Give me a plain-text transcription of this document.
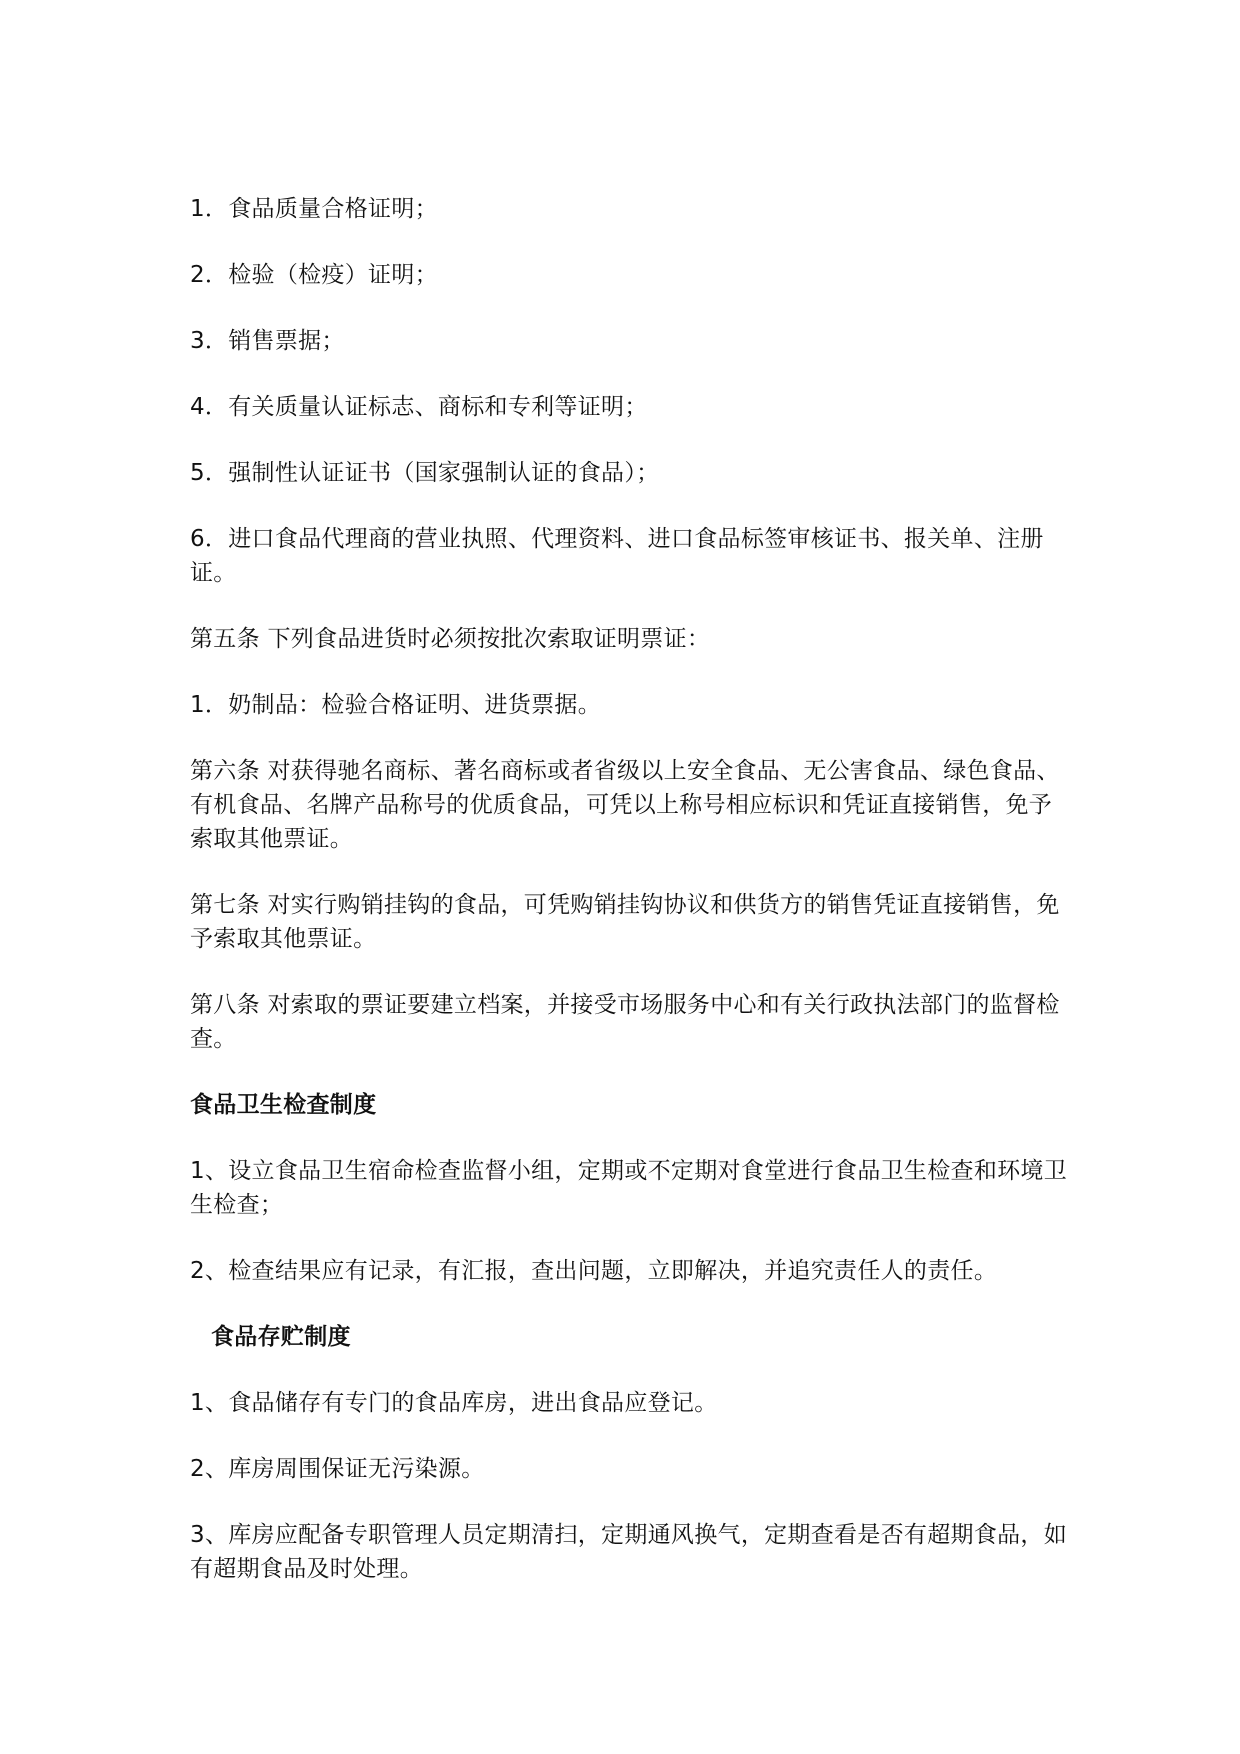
1．食品质量合格证明；

2．检验（检疫）证明；

3．销售票据；

4．有关质量认证标志、商标和专利等证明；

5．强制性认证证书（国家强制认证的食品）；

6．进口食品代理商的营业执照、代理资料、进口食品标签审核证书、报关单、注册证。

第五条 下列食品进货时必须按批次索取证明票证：

1．奶制品：检验合格证明、进货票据。

第六条 对获得驰名商标、著名商标或者省级以上安全食品、无公害食品、绿色食品、有机食品、名牌产品称号的优质食品，可凭以上称号相应标识和凭证直接销售，免予索取其他票证。

第七条 对实行购销挂钩的食品，可凭购销挂钩协议和供货方的销售凭证直接销售，免予索取其他票证。

第八条 对索取的票证要建立档案，并接受市场服务中心和有关行政执法部门的监督检查。

食品卫生检查制度

1、设立食品卫生宿命检查监督小组，定期或不定期对食堂进行食品卫生检查和环境卫生检查；

2、检查结果应有记录，有汇报，查出问题，立即解决，并追究责任人的责任。

食品存贮制度

1、食品储存有专门的食品库房，进出食品应登记。

2、库房周围保证无污染源。

3、库房应配备专职管理人员定期清扫，定期通风换气，定期查看是否有超期食品，如有超期食品及时处理。
